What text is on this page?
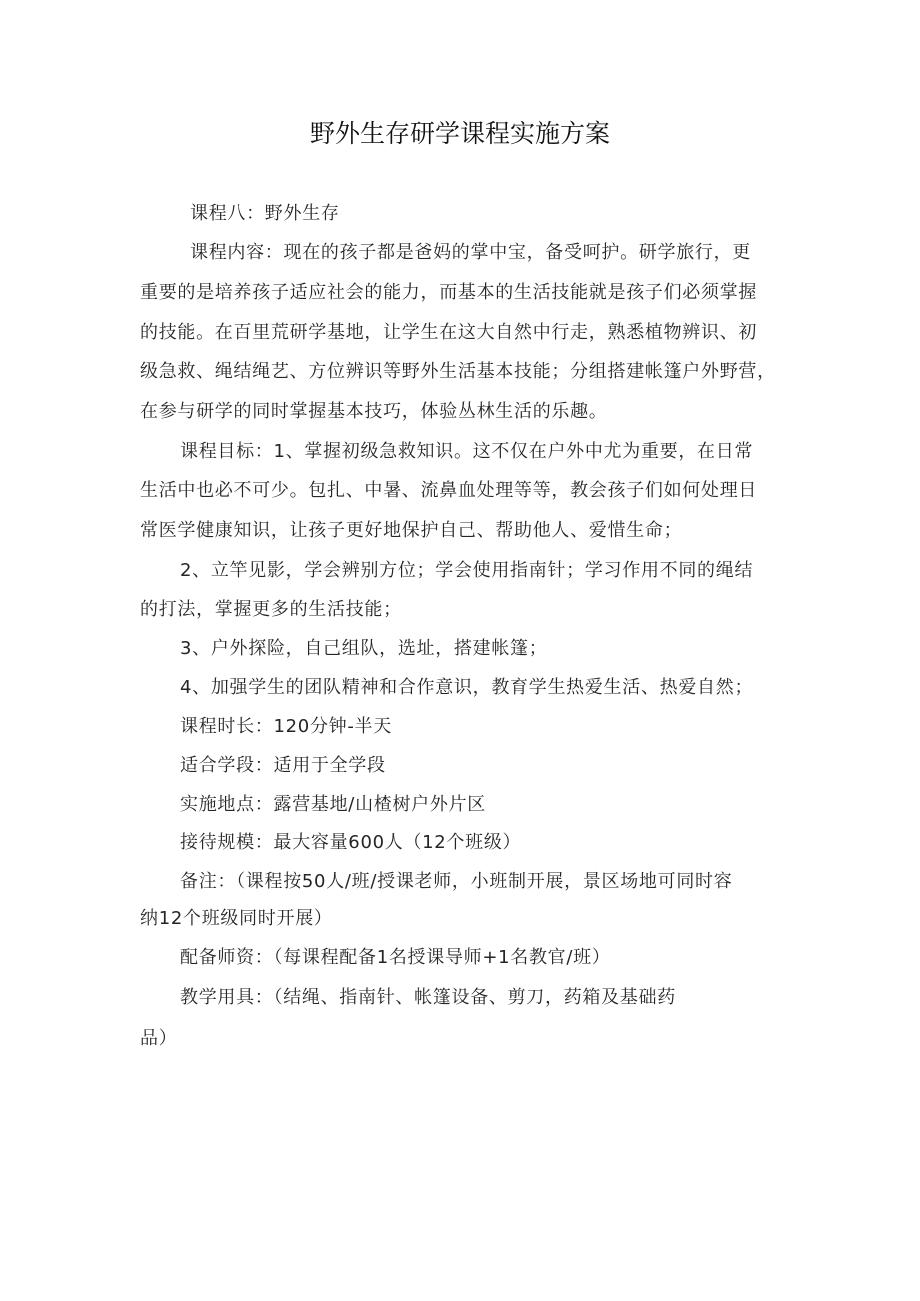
野外生存研学课程实施方案
课程八：野外生存
课程内容：现在的孩子都是爸妈的掌中宝，备受呵护。研学旅行，更
重要的是培养孩子适应社会的能力，而基本的生活技能就是孩子们必须掌握
的技能。在百里荒研学基地，让学生在这大自然中行走，熟悉植物辨识、初
级急救、绳结绳艺、方位辨识等野外生活基本技能；分组搭建帐篷户外野营，
在参与研学的同时掌握基本技巧，体验丛林生活的乐趣。
课程目标：1、掌握初级急救知识。这不仅在户外中尤为重要，在日常
生活中也必不可少。包扎、中暑、流鼻血处理等等，教会孩子们如何处理日
常医学健康知识，让孩子更好地保护自己、帮助他人、爱惜生命；
2、立竿见影，学会辨别方位；学会使用指南针；学习作用不同的绳结
的打法，掌握更多的生活技能；
3、户外探险，自己组队，选址，搭建帐篷；
4、加强学生的团队精神和合作意识，教育学生热爱生活、热爱自然；
课程时长：120分钟-半天
适合学段：适用于全学段
实施地点：露营基地/山楂树户外片区
接待规模：最大容量600人（12个班级）
备注：（课程按50人/班/授课老师，小班制开展，景区场地可同时容
纳12个班级同时开展）
配备师资：（每课程配备1名授课导师+1名教官/班）
教学用具：（结绳、指南针、帐篷设备、剪刀，药箱及基础药
品）
